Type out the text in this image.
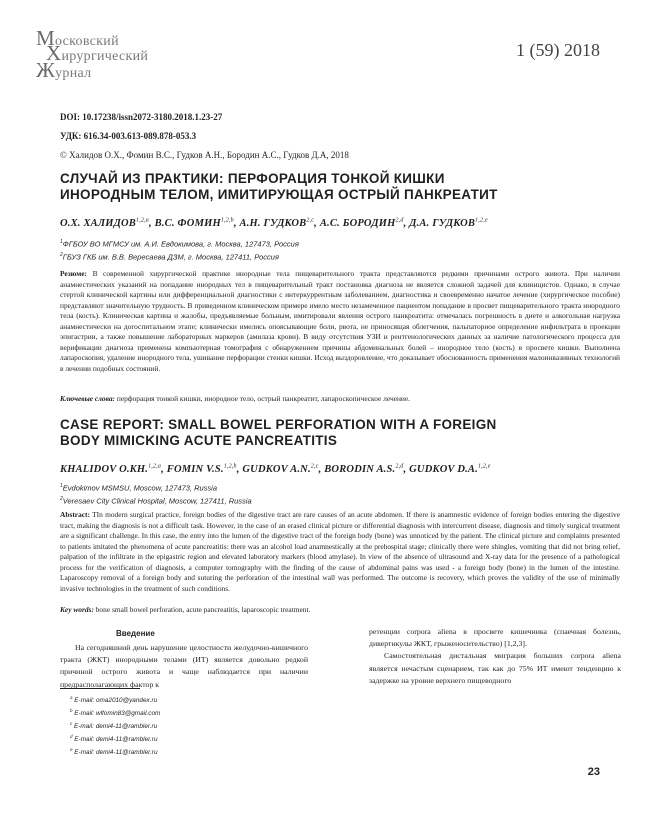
Московский
Хирургический
Журнал
1 (59) 2018
DOI: 10.17238/issn2072-3180.2018.1.23-27
УДК: 616.34-003.613-089.878-053.3
© Халидов О.Х., Фомин В.С., Гудков А.Н., Бородин А.С., Гудков Д.А, 2018
СЛУЧАЙ ИЗ ПРАКТИКИ: ПЕРФОРАЦИЯ ТОНКОЙ КИШКИ
ИНОРОДНЫМ ТЕЛОМ, ИМИТИРУЮЩАЯ ОСТРЫЙ ПАНКРЕАТИТ
О.Х. ХАЛИДОВ$^{1,2,a}$, В.С. ФОМИН$^{1,2,b}$, А.Н. ГУДКОВ$^{2,c}$, А.С. БОРОДИН$^{2,d}$, Д.А. ГУДКОВ$^{1,2,e}$
$^1$ФГБОУ ВО МГМСУ им. А.И. Евдокимова, г. Москва, 127473, Россия
$^2$ГБУЗ ГКБ им. В.В. Вересаева ДЗМ, г. Москва, 127411, Россия
Резюме: В современной хирургической практике инородные тела пищеварительного тракта представляются редкими причинами острого живота. При наличии анамнестических указаний на попадание инородных тел в пищеварительный тракт постановка диагноза не является сложной задачей для клиницистов. Однако, в случае стертой клинической картины или дифференциальной диагностики с интеркуррентным заболеванием, диагностика и своевременно начатое лечение (хирургическое пособие) представляют значительную трудность. В приведенном клиническом примере имело место незамеченное пациентом попадание в просвет пищеварительного тракта инородного тела (кость). Клиническая картина и жалобы, предъявляемые больным, имитировали явления острого панкреатита: отмечалась погрешность в диете и алкогольная нагрузка анамнестически на догоспитальном этапе; клинически имелись опоясывающие боли, рвота, не приносящая облегчения, пальпаторное определение инфильтрата в проекции эпигастрии, а также повышение лабораторных маркеров (амилаза крови). В виду отсутствия УЗИ и рентгенологических данных за наличие патологического процесса для верификации диагноза применена компьютерная томография с обнаружением причины абдоминальных болей – инородное тело (кость) в просвете кишки. Выполнена лапароскопия, удаление инородного тела, ушивание перфорации стенки кишки. Исход выздоровление, что доказывает обоснованность применения малоинвазивных технологий в лечении подобных состояний.
Ключевые слова: перфорация тонкой кишки, инородное тело, острый панкреатит, лапароскопическое лечение.
CASE REPORT: SMALL BOWEL PERFORATION WITH A FOREIGN
BODY MIMICKING ACUTE PANCREATITIS
KHALIDOV O.KH.$^{1,2,a}$, FOMIN V.S.$^{1,2,b}$, GUDKOV A.N.$^{2,c}$, BORODIN A.S.$^{2,d}$, GUDKOV D.A.$^{1,2,e}$
$^1$Evdokimov MSMSU, Moscow, 127473, Russia
$^2$Veresaev City Clinical Hospital, Moscow, 127411, Russia
Abstract: TIn modern surgical practice, foreign bodies of the digestive tract are rare causes of an acute abdomen. If there is anamnestic evidence of foreign bodies entering the digestive tract, making the diagnosis is not a difficult task. However, in the case of an erased clinical picture or differential diagnosis with intercurrent disease, diagnosis and timely surgical treatment are a significant challenge. In this case, the entry into the lumen of the digestive tract of the foreign body (bone) was unnoticed by the patient. The clinical picture and complaints presented to patients imitated the phenomena of acute pancreatitis: there was an alcohol load anamnestically at the prehospital stage; clinically there were shingles, vomiting that did not bring relief, palpation of the infiltrate in the epigastric region and elevated laboratory markers (blood amylase). In view of the absence of ultrasound and X-ray data for the presence of a pathological process for the verification of diagnosis, a computer tomography with the finding of the cause of abdominal pains was used - a foreign body (bone) in the lumen of the intestine. Laparoscopy removal of a foreign body and suturing the perforation of the intestinal wall was performed. The outcome is recovery, which proves the validity of the use of minimally invasive technologies in the treatment of such conditions.
Key words: bone small bowel perforation, acute pancreatitis, laparoscopic treatment.
Введение
На сегодняшний день нарушение целостности желудочно-кишечного тракта (ЖКТ) инородными телами (ИТ) является довольно редкой причиной острого живота и чаще наблюдается при наличии предрасполагающих фактор к
ретенции corpora aliena в просвете кишечника (спаечная болезнь, дивертикулы ЖКТ, грыженосительство) [1,2,3].
Самостоятельная дистальная миграция больших corpora aliena является нечастым сценарием, так как до 75% ИТ имеют тенденцию к задержке на уровне верхнего пищеводного
$^a$ E-mail: oma2010@yandex.ru
$^b$ E-mail: wlfomin83@gmail.com
$^c$ E-mail: demi4-11@rambler.ru
$^d$ E-mail: demi4-11@rambler.ru
$^e$ E-mail: demi4-11@rambler.ru
23
